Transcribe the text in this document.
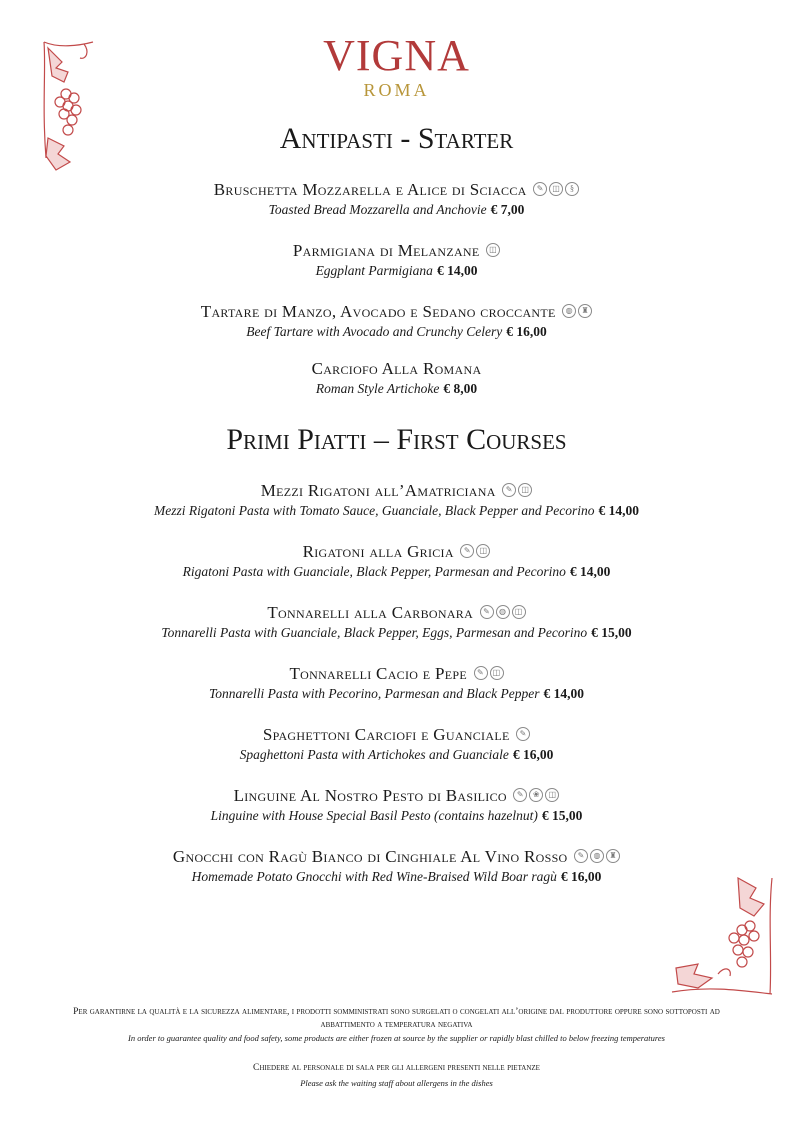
VIGNA
ROMA
Antipasti - Starter
Bruschetta Mozzarella e Alice di Sciacca ✎ ◫ §
Toasted Bread Mozzarella and Anchovie € 7,00
Parmigiana di Melanzane ◫
Eggplant Parmigiana € 14,00
Tartare di Manzo, Avocado e Sedano croccante ◍ ♜
Beef Tartare with Avocado and Crunchy Celery € 16,00
Carciofo Alla Romana
Roman Style Artichoke € 8,00
Primi Piatti – First Courses
Mezzi Rigatoni all’Amatriciana ✎ ◫
Mezzi Rigatoni Pasta with Tomato Sauce, Guanciale, Black Pepper and Pecorino € 14,00
Rigatoni alla Gricia ✎ ◫
Rigatoni Pasta with Guanciale, Black Pepper, Parmesan and Pecorino € 14,00
Tonnarelli alla Carbonara ✎ ◍ ◫
Tonnarelli Pasta with Guanciale, Black Pepper, Eggs, Parmesan and Pecorino € 15,00
Tonnarelli Cacio e Pepe ✎ ◫
Tonnarelli Pasta with Pecorino, Parmesan and Black Pepper € 14,00
Spaghettoni Carciofi e Guanciale ✎
Spaghettoni Pasta with Artichokes and Guanciale € 16,00
Linguine Al Nostro Pesto di Basilico ✎ ❀ ◫
Linguine with House Special Basil Pesto (contains hazelnut) € 15,00
Gnocchi con Ragù Bianco di Cinghiale Al Vino Rosso ✎ ◍ ♜
Homemade Potato Gnocchi with Red Wine-Braised Wild Boar ragù € 16,00
Per garantirne la qualità e la sicurezza alimentare, i prodotti somministrati sono surgelati o congelati all’origine dal produttore oppure sono sottoposti ad abbattimento a temperatura negativa
In order to guarantee quality and food safety, some products are either frozen at source by the supplier or rapidly blast chilled to below freezing temperatures
Chiedere al personale di sala per gli allergeni presenti nelle pietanze
Please ask the waiting staff about allergens in the dishes
